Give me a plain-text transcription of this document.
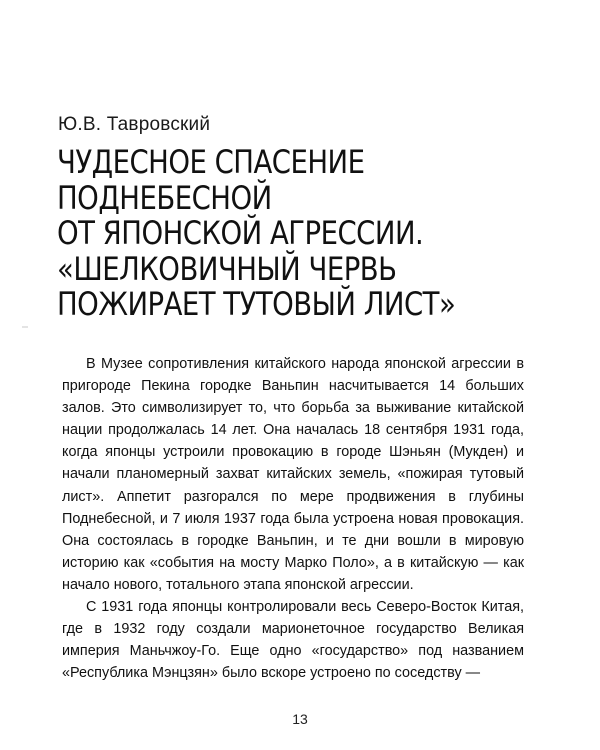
Ю.В. Тавровский
ЧУДЕСНОЕ СПАСЕНИЕ
ПОДНЕБЕСНОЙ
ОТ ЯПОНСКОЙ АГРЕССИИ.
«ШЕЛКОВИЧНЫЙ ЧЕРВЬ
ПОЖИРАЕТ ТУТОВЫЙ ЛИСТ»

В Музее сопротивления китайского народа японской агрессии в пригороде Пекина городке Ваньпин насчитывается 14 больших залов. Это символизирует то, что борьба за выживание китайской нации продолжалась 14 лет. Она началась 18 сентября 1931 года, когда японцы устроили провокацию в городе Шэньян (Мукден) и начали планомерный захват китайских земель, «пожирая тутовый лист». Аппетит разгорался по мере продвижения в глубины Поднебесной, и 7 июля 1937 года была устроена новая провокация. Она состоялась в городке Ваньпин, и те дни вошли в мировую историю как «события на мосту Марко Поло», а в китайскую — как начало нового, тотального этапа японской агрессии.

С 1931 года японцы контролировали весь Северо-Восток Китая, где в 1932 году создали марионеточное государство Великая империя Маньчжоу-Го. Еще одно «государство» под названием «Республика Мэнцзян» было вскоре устроено по соседству —

13
